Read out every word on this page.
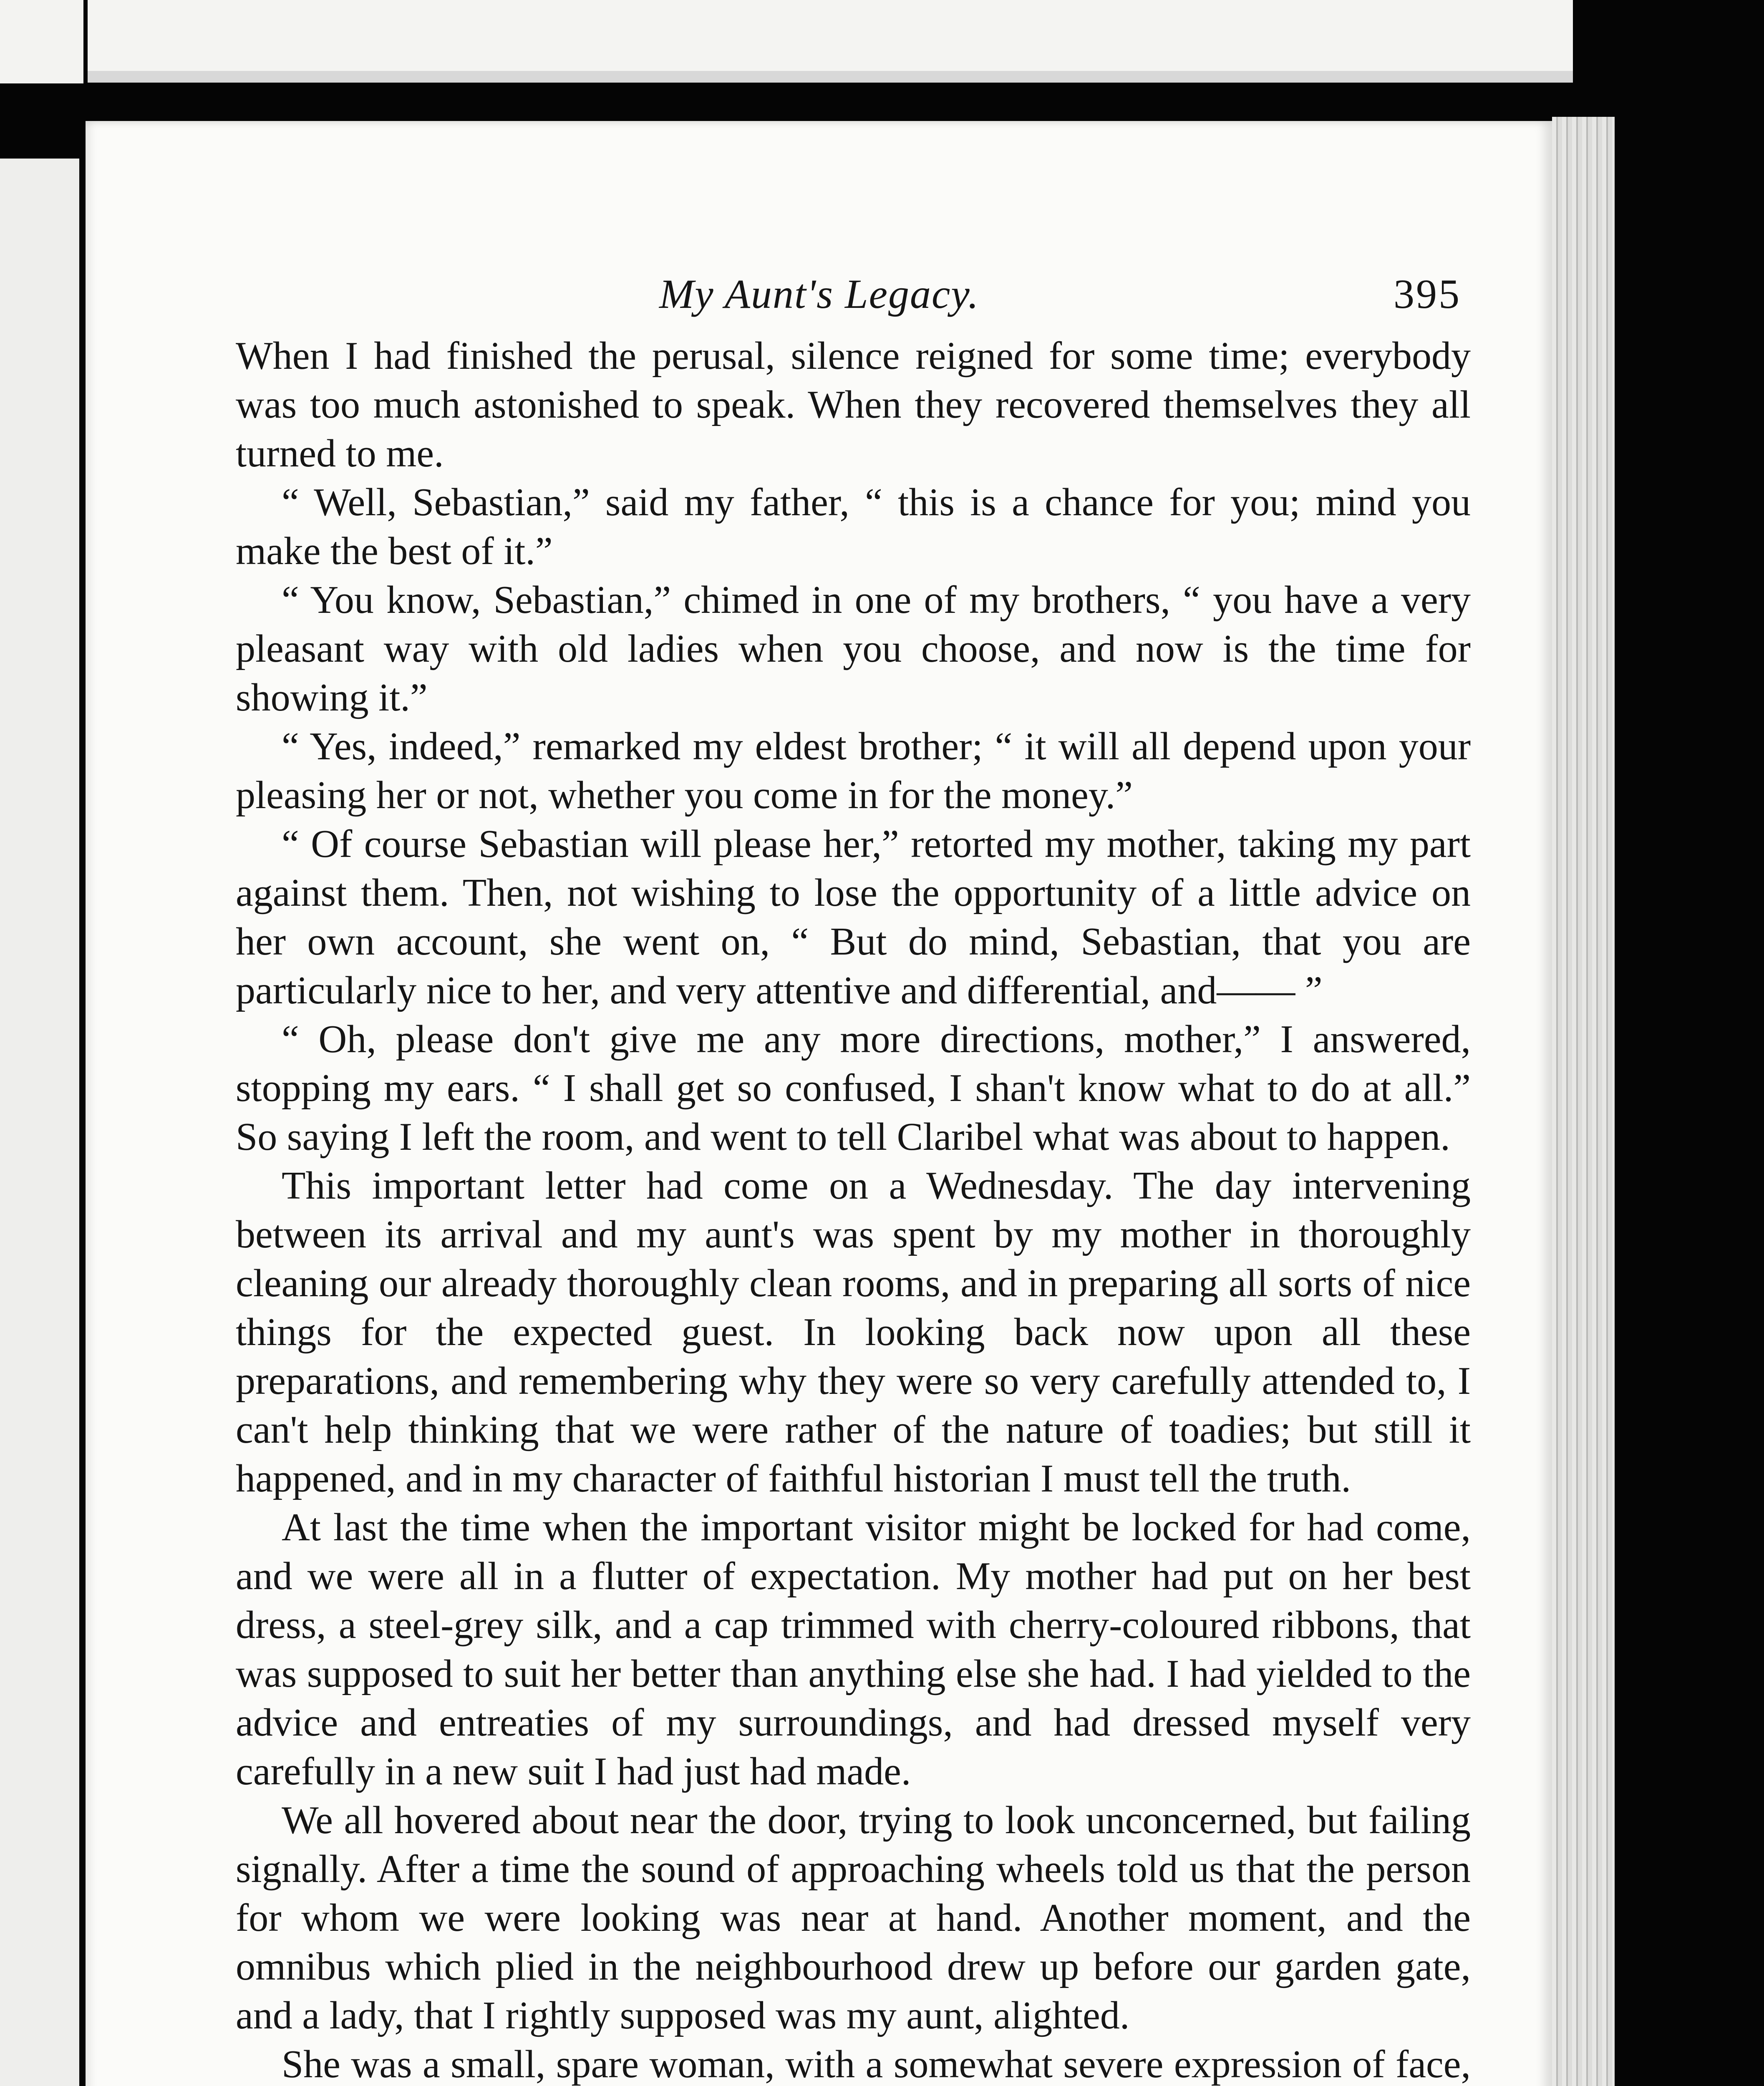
My Aunt's Legacy.	395

When I had finished the perusal, silence reigned for some time; everybody was too much astonished to speak. When they recovered themselves they all turned to me.

“ Well, Sebastian,” said my father, “ this is a chance for you; mind you make the best of it.”

“ You know, Sebastian,” chimed in one of my brothers, “ you have a very pleasant way with old ladies when you choose, and now is the time for showing it.”

“ Yes, indeed,” remarked my eldest brother; “ it will all depend upon your pleasing her or not, whether you come in for the money.”

“ Of course Sebastian will please her,” retorted my mother, taking my part against them. Then, not wishing to lose the opportunity of a little advice on her own account, she went on, “ But do mind, Sebastian, that you are particularly nice to her, and very attentive and differential, and—— ”

“ Oh, please don't give me any more directions, mother,” I answered, stopping my ears. “ I shall get so confused, I shan't know what to do at all.” So saying I left the room, and went to tell Claribel what was about to happen.

This important letter had come on a Wednesday. The day intervening between its arrival and my aunt's was spent by my mother in thoroughly cleaning our already thoroughly clean rooms, and in preparing all sorts of nice things for the expected guest. In looking back now upon all these preparations, and remembering why they were so very carefully attended to, I can't help thinking that we were rather of the nature of toadies; but still it happened, and in my character of faithful historian I must tell the truth.

At last the time when the important visitor might be locked for had come, and we were all in a flutter of expectation. My mother had put on her best dress, a steel-grey silk, and a cap trimmed with cherry-coloured ribbons, that was supposed to suit her better than anything else she had. I had yielded to the advice and entreaties of my surroundings, and had dressed myself very carefully in a new suit I had just had made.

We all hovered about near the door, trying to look unconcerned, but failing signally. After a time the sound of approaching wheels told us that the person for whom we were looking was near at hand. Another moment, and the omnibus which plied in the neighbourhood drew up before our garden gate, and a lady, that I rightly supposed was my aunt, alighted.

She was a small, spare woman, with a somewhat severe expression of face,
